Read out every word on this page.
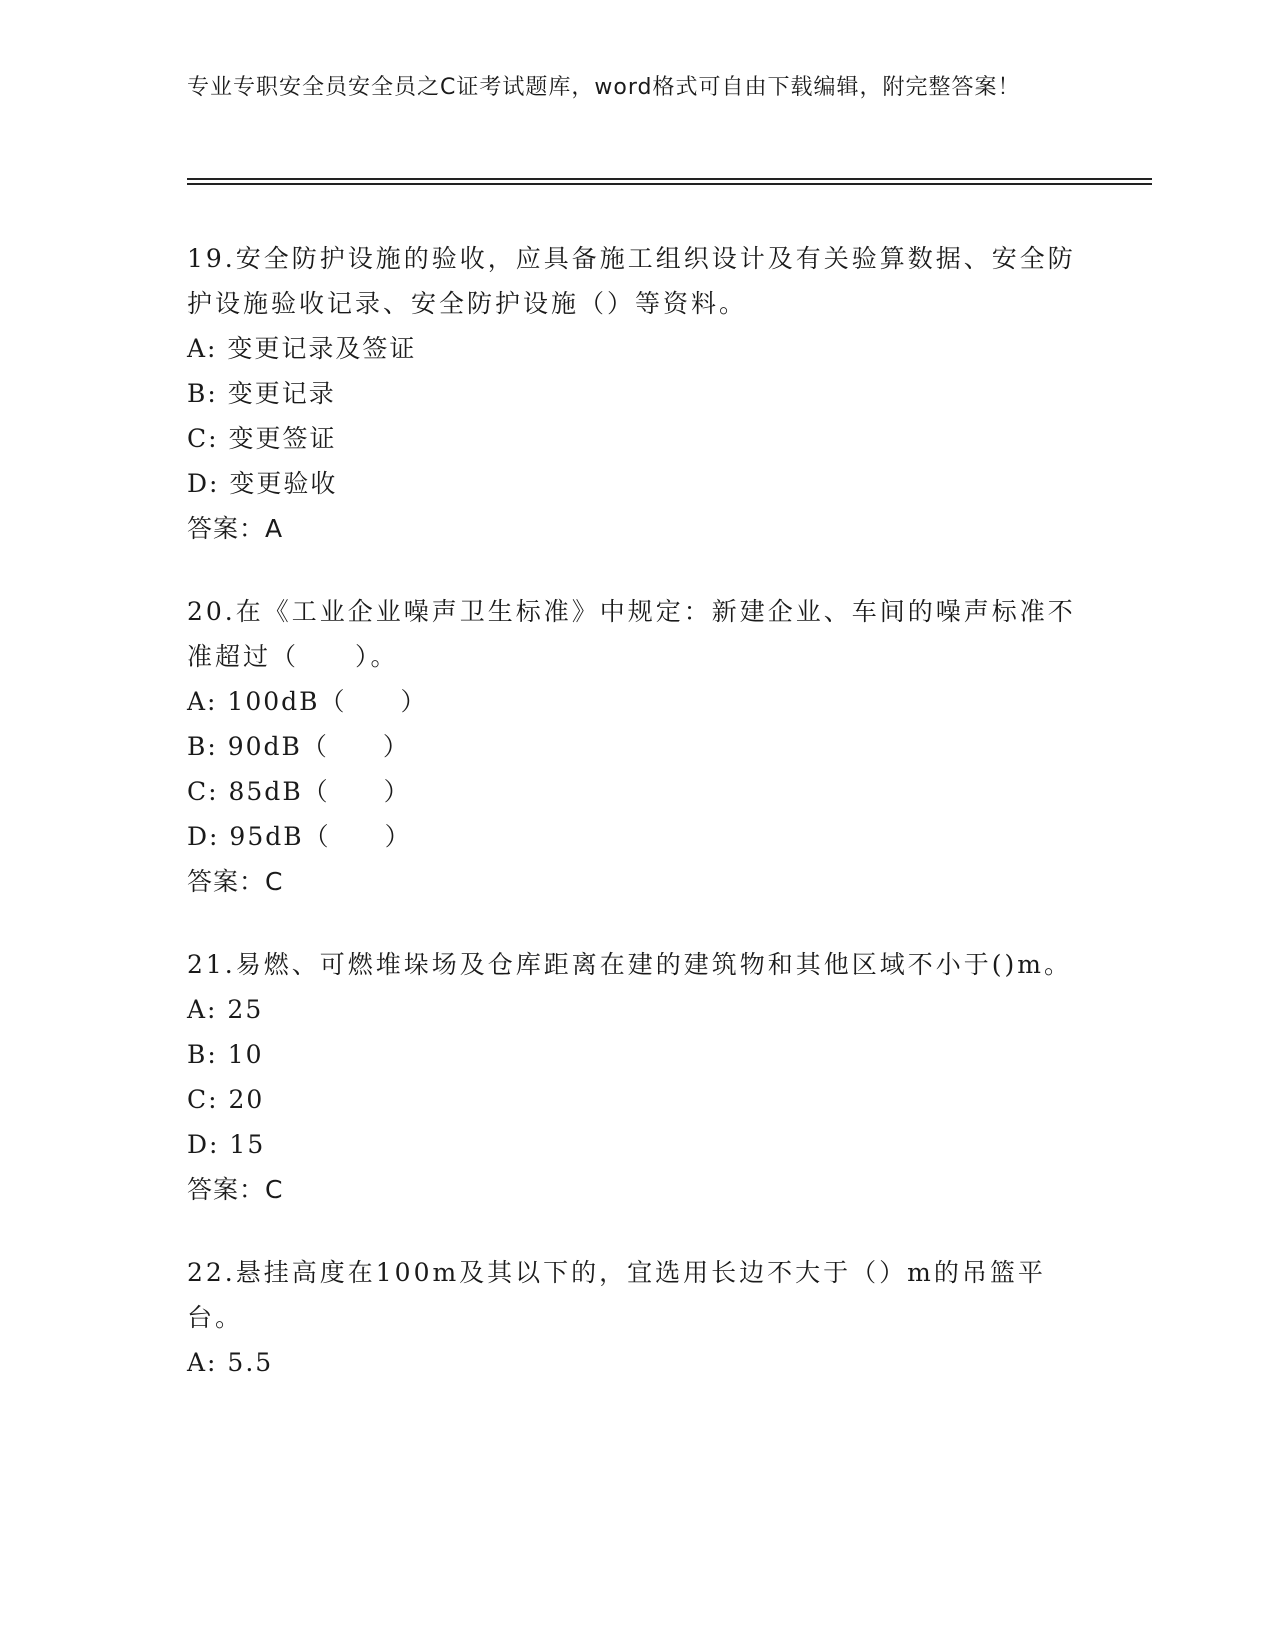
专业专职安全员安全员之C证考试题库，word格式可自由下载编辑，附完整答案！
19.安全防护设施的验收，应具备施工组织设计及有关验算数据、安全防护设施验收记录、安全防护设施（）等资料。
A: 变更记录及签证
B: 变更记录
C: 变更签证
D: 变更验收
答案：A
20.在《工业企业噪声卫生标准》中规定：新建企业、车间的噪声标准不准超过（　　）。
A: 100dB（　　）
B: 90dB（　　）
C: 85dB（　　）
D: 95dB（　　）
答案：C
21.易燃、可燃堆垛场及仓库距离在建的建筑物和其他区域不小于()m。
A: 25
B: 10
C: 20
D: 15
答案：C
22.悬挂高度在100m及其以下的，宜选用长边不大于（）m的吊篮平台。
A: 5.5
